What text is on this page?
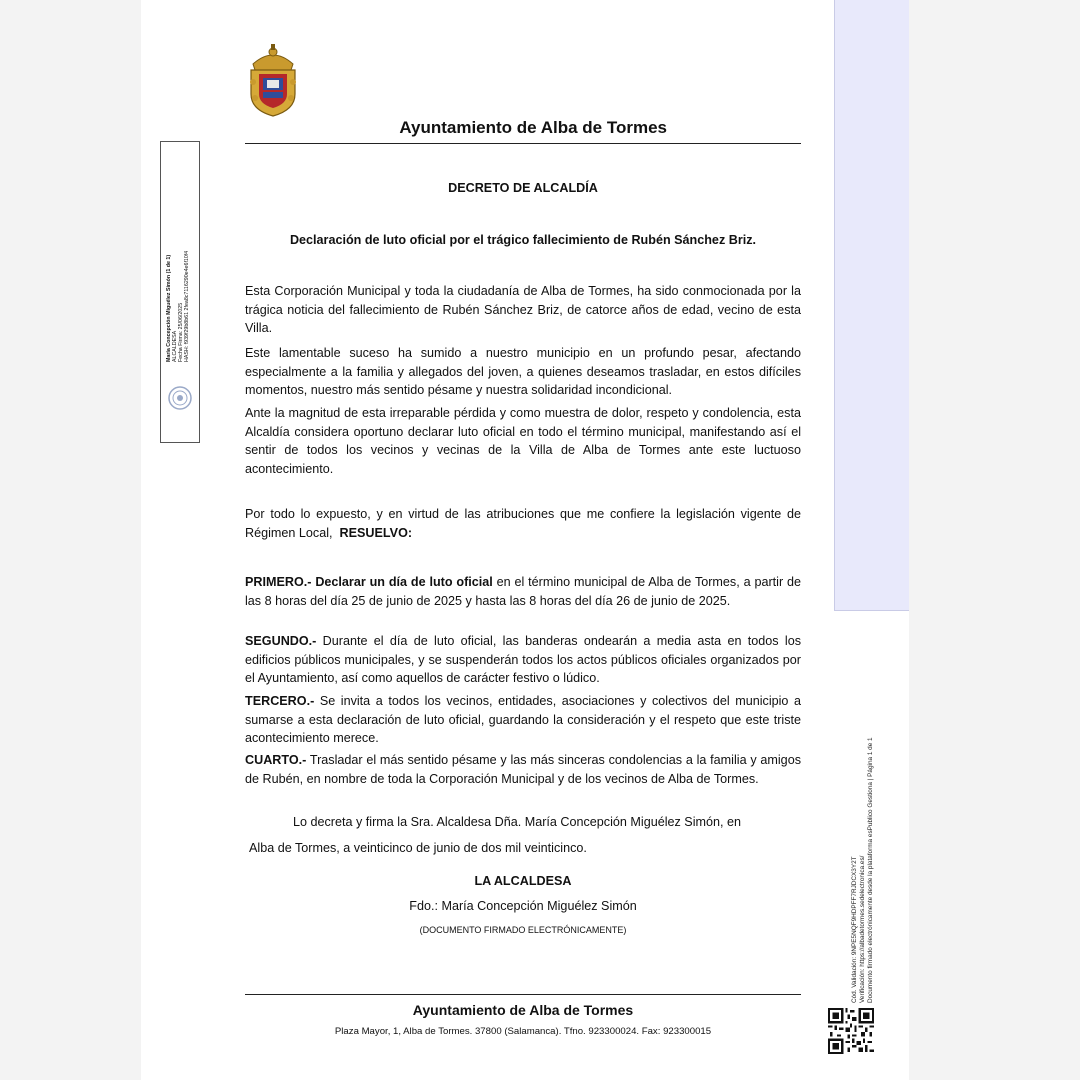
Ayuntamiento de Alba de Tormes
María Concepción Miguélez Simón (1 de 1) ALCALDESA Fecha Firma: 25/06/2025 HASH: f939f29b8b61 2fea8c7116290e4e6f10f4
DECRETO DE ALCALDÍA
Declaración de luto oficial por el trágico fallecimiento de Rubén Sánchez Briz.
Esta Corporación Municipal y toda la ciudadanía de Alba de Tormes, ha sido conmocionada por la trágica noticia del fallecimiento de Rubén Sánchez Briz, de catorce años de edad, vecino de esta Villa.
Este lamentable suceso ha sumido a nuestro municipio en un profundo pesar, afectando especialmente a la familia y allegados del joven, a quienes deseamos trasladar, en estos difíciles momentos, nuestro más sentido pésame y nuestra solidaridad incondicional.
Ante la magnitud de esta irreparable pérdida y como muestra de dolor, respeto y condolencia, esta Alcaldía considera oportuno declarar luto oficial en todo el término municipal, manifestando así el sentir de todos los vecinos y vecinas de la Villa de Alba de Tormes ante este luctuoso acontecimiento.
Por todo lo expuesto, y en virtud de las atribuciones que me confiere la legislación vigente de Régimen Local, RESUELVO:
PRIMERO.- Declarar un día de luto oficial en el término municipal de Alba de Tormes, a partir de las 8 horas del día 25 de junio de 2025 y hasta las 8 horas del día 26 de junio de 2025.
SEGUNDO.- Durante el día de luto oficial, las banderas ondearán a media asta en todos los edificios públicos municipales, y se suspenderán todos los actos públicos oficiales organizados por el Ayuntamiento, así como aquellos de carácter festivo o lúdico.
TERCERO.- Se invita a todos los vecinos, entidades, asociaciones y colectivos del municipio a sumarse a esta declaración de luto oficial, guardando la consideración y el respeto que este triste acontecimiento merece.
CUARTO.- Trasladar el más sentido pésame y las más sinceras condolencias a la familia y amigos de Rubén, en nombre de toda la Corporación Municipal y de los vecinos de Alba de Tormes.
Lo decreta y firma la Sra. Alcaldesa Dña. María Concepción Miguélez Simón, en
Alba de Tormes, a veinticinco de junio de dos mil veinticinco.
LA ALCALDESA
Fdo.: María Concepción Miguélez Simón
(DOCUMENTO FIRMADO ELECTRÓNICAMENTE)
Ayuntamiento de Alba de Tormes
Plaza Mayor, 1, Alba de Tormes. 37800 (Salamanca). Tfno. 923300024. Fax: 923300015
Cód. Validación: 9NPE5NQF9HDPFF7RJDCX3Y2T Verificación: https://albadetormes.sedelectronica.es/ Documento firmado electrónicamente desde la plataforma esPublico Gestiona | Página 1 de 1
